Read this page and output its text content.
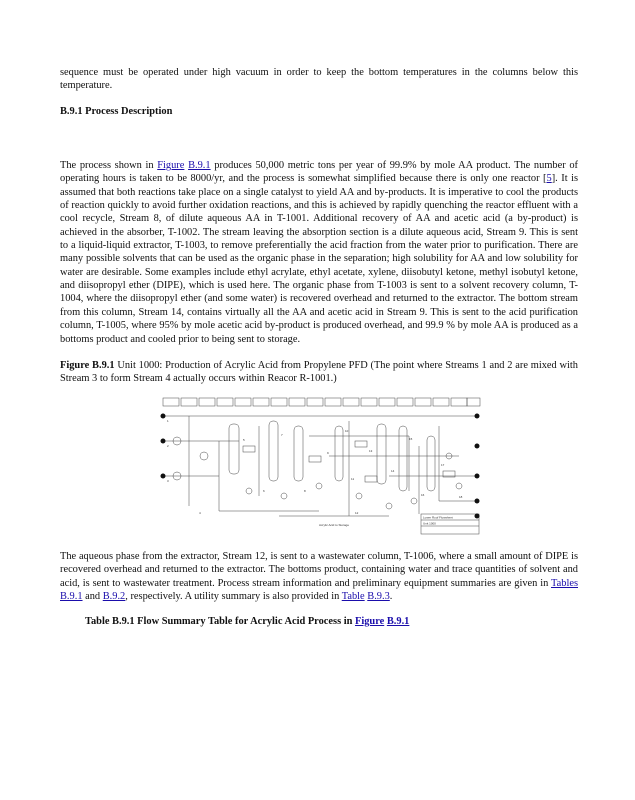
sequence must be operated under high vacuum in order to keep the bottom temperatures in the columns below this temperature.

B.9.1 Process Description

The process shown in Figure B.9.1 produces 50,000 metric tons per year of 99.9% by mole AA product. The number of operating hours is taken to be 8000/yr, and the process is somewhat simplified because there is only one reactor [5]. It is assumed that both reactions take place on a single catalyst to yield AA and by-products. It is imperative to cool the products of reaction quickly to avoid further oxidation reactions, and this is achieved by rapidly quenching the reactor effluent with a cool recycle, Stream 8, of dilute aqueous AA in T-1001. Additional recovery of AA and acetic acid (a by-product) is achieved in the absorber, T-1002. The stream leaving the absorption section is a dilute aqueous acid, Stream 9. This is sent to a liquid-liquid extractor, T-1003, to remove preferentially the acid fraction from the water prior to purification. There are many possible solvents that can be used as the organic phase in the separation; high solubility for AA and low solubility for water are desirable. Some examples include ethyl acrylate, ethyl acetate, xylene, diisobutyl ketone, methyl isobutyl ketone, and diisopropyl ether (DIPE), which is used here. The organic phase from T-1003 is sent to a solvent recovery column, T-1004, where the diisopropyl ether (and some water) is recovered overhead and returned to the extractor. The bottom stream from this column, Stream 14, contains virtually all the AA and acetic acid in Stream 9. This is sent to the acid purification column, T-1005, where 95% by mole acetic acid by-product is produced overhead, and 99.9 % by mole AA is produced as a bottoms product and cooled prior to being sent to storage.

Figure B.9.1 Unit 1000: Production of Acrylic Acid from Propylene PFD (The point where Streams 1 and 2 are mixed with Stream 3 to form Stream 4 actually occurs within Reacor R-1001.)

1
2
3
4
5
6
7
8
9
10
11
12
13
14
15
16
17
18
Acrylic Acid to Storage
Lower Roof Flowsheet
Unit 1000

The aqueous phase from the extractor, Stream 12, is sent to a wastewater column, T-1006, where a small amount of DIPE is recovered overhead and returned to the extractor. The bottoms product, containing water and trace quantities of solvent and acid, is sent to wastewater treatment. Process stream information and preliminary equipment summaries are given in Tables B.9.1 and B.9.2, respectively. A utility summary is also provided in Table B.9.3.

Table B.9.1 Flow Summary Table for Acrylic Acid Process in Figure B.9.1
